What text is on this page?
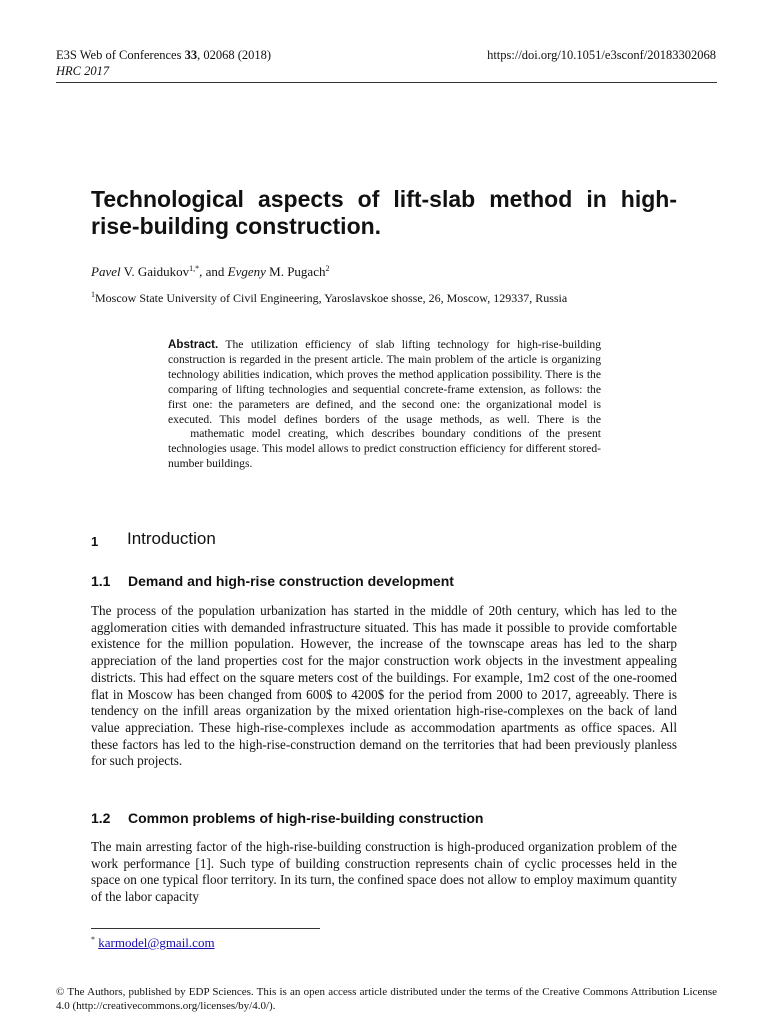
E3S Web of Conferences 33, 02068 (2018)	https://doi.org/10.1051/e3sconf/20183302068
HRC 2017
Technological aspects of lift-slab method in high-rise-building construction.
Pavel V. Gaidukov$^{1,*}$, and Evgeny M. Pugach$^2$
$^1$Moscow State University of Civil Engineering, Yaroslavskoe shosse, 26, Moscow, 129337, Russia
Abstract. The utilization efficiency of slab lifting technology for high-rise-building construction is regarded in the present article. The main problem of the article is organizing technology abilities indication, which proves the method application possibility. There is the comparing of lifting technologies and sequential concrete-frame extension, as follows: the first one: the parameters are defined, and the second one: the organizational model is executed. This model defines borders of the usage methods, as well. There is the    mathematic model creating, which describes boundary conditions of the present technologies usage. This model allows to predict construction efficiency for different stored-number buildings.
1 Introduction
1.1 Demand and high-rise construction development

The process of the population urbanization has started in the middle of 20th century, which has led to the agglomeration cities with demanded infrastructure situated. This has made it possible to provide comfortable existence for the million population. However, the increase of the townscape areas has led to the sharp appreciation of the land properties cost for the major construction work objects in the investment appealing districts. This had effect on the square meters cost of the buildings. For example, 1m2 cost of the one-roomed flat in Moscow has been changed from 600$ to 4200$ for the period from 2000 to 2017, agreeably. There is tendency on the infill areas organization by the mixed orientation high-rise-complexes on the back of land value appreciation. These high-rise-complexes include as accommodation apartments as office spaces. All these factors has led to the high-rise-construction demand on the territories that had been previously planless for such projects.

1.2 Common problems of high-rise-building construction

The main arresting factor of the high-rise-building construction is high-produced organization problem of the work performance [1]. Such type of building construction represents chain of cyclic processes held in the space on one typical floor territory. In its turn, the confined space does not allow to employ maximum quantity of the labor capacity

* karmodel@gmail.com
© The Authors, published by EDP Sciences. This is an open access article distributed under the terms of the Creative Commons Attribution License 4.0 (http://creativecommons.org/licenses/by/4.0/).
